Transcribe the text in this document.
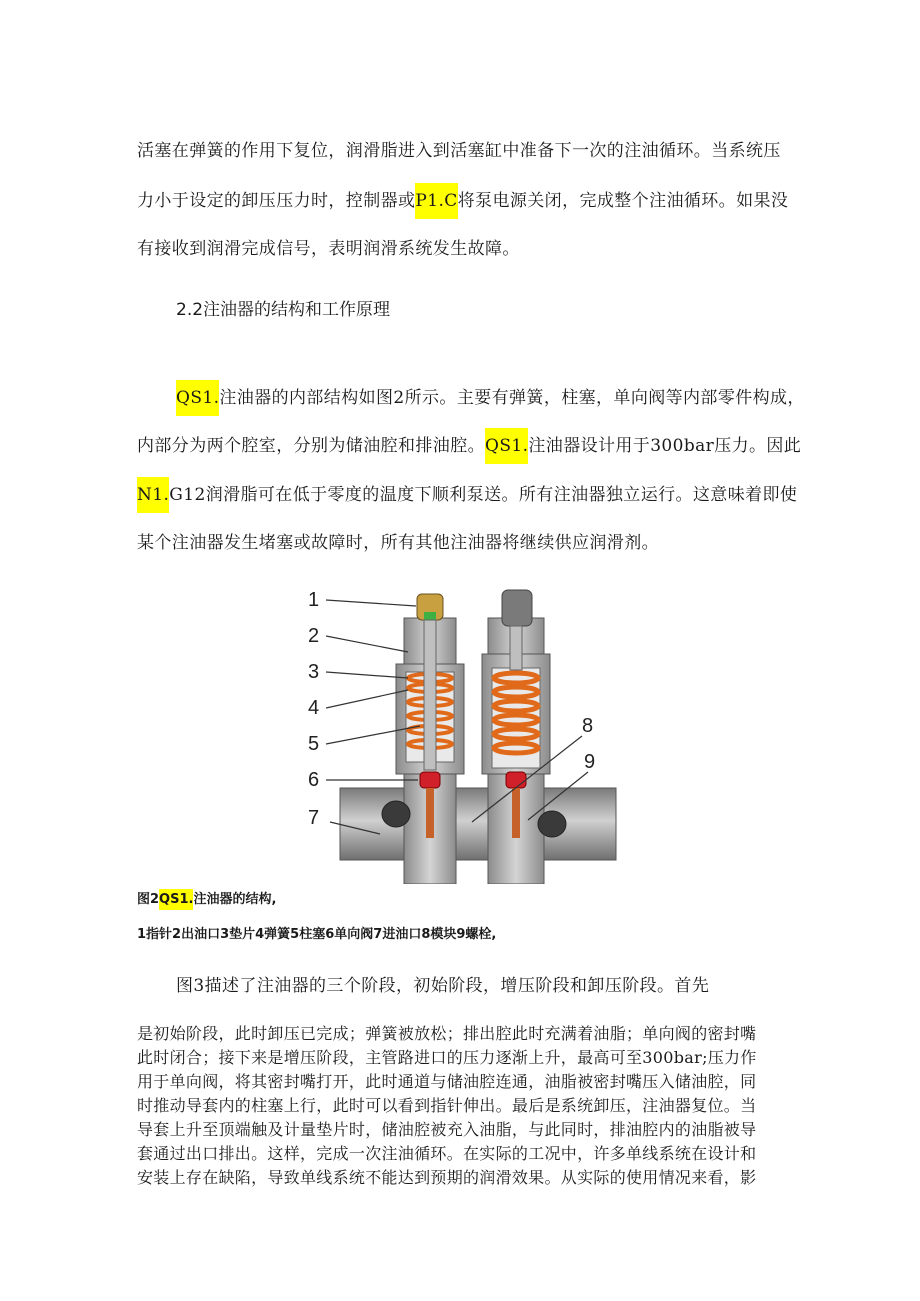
活塞在弹簧的作用下复位，润滑脂进入到活塞缸中准备下一次的注油循环。当系统压
力小于设定的卸压压力时，控制器或P1.C将泵电源关闭，完成整个注油循环。如果没
有接收到润滑完成信号，表明润滑系统发生故障。
2.2注油器的结构和工作原理
QS1.注油器的内部结构如图2所示。主要有弹簧，柱塞，单向阀等内部零件构成，
内部分为两个腔室，分别为储油腔和排油腔。QS1.注油器设计用于300bar压力。因此
N1.G12润滑脂可在低于零度的温度下顺利泵送。所有注油器独立运行。这意味着即使
某个注油器发生堵塞或故障时，所有其他注油器将继续供应润滑剂。
1
2
3
4
5
6
7
8
9
图2QS1.注油器的结构,
1指针2出油口3垫片4弹簧5柱塞6单向阀7进油口8模块9螺栓,
图3描述了注油器的三个阶段，初始阶段，增压阶段和卸压阶段。首先
是初始阶段，此时卸压已完成；弹簧被放松；排出腔此时充满着油脂；单向阀的密封嘴
此时闭合；接下来是增压阶段，主管路进口的压力逐渐上升，最高可至300bar;压力作
用于单向阀，将其密封嘴打开，此时通道与储油腔连通，油脂被密封嘴压入储油腔，同
时推动导套内的柱塞上行，此时可以看到指针伸出。最后是系统卸压，注油器复位。当
导套上升至顶端触及计量垫片时，储油腔被充入油脂，与此同时，排油腔内的油脂被导
套通过出口排出。这样，完成一次注油循环。在实际的工况中，许多单线系统在设计和
安装上存在缺陷，导致单线系统不能达到预期的润滑效果。从实际的使用情况来看，影
